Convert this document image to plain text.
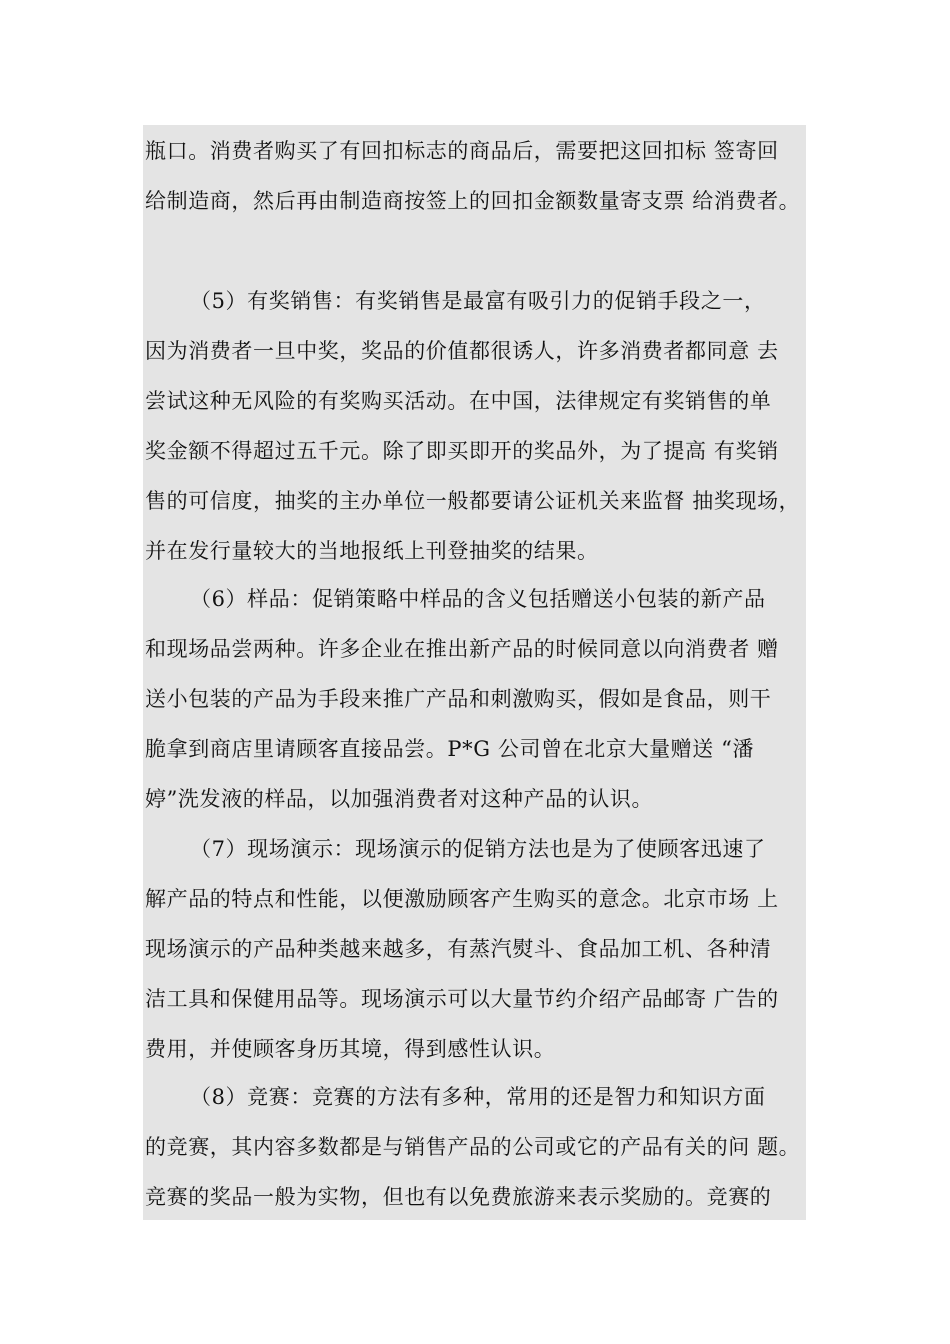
瓶口。消费者购买了有回扣标志的商品后，需要把这回扣标 签寄回
给制造商，然后再由制造商按签上的回扣金额数量寄支票 给消费者。
（5）有奖销售：有奖销售是最富有吸引力的促销手段之一，
因为消费者一旦中奖，奖品的价值都很诱人，许多消费者都同意 去
尝试这种无风险的有奖购买活动。在中国，法律规定有奖销售的单
奖金额不得超过五千元。除了即买即开的奖品外，为了提高 有奖销
售的可信度，抽奖的主办单位一般都要请公证机关来监督 抽奖现场，
并在发行量较大的当地报纸上刊登抽奖的结果。
（6）样品：促销策略中样品的含义包括赠送小包装的新产品
和现场品尝两种。许多企业在推出新产品的时候同意以向消费者 赠
送小包装的产品为手段来推广产品和刺激购买，假如是食品，则干
脆拿到商店里请顾客直接品尝。P*G 公司曾在北京大量赠送 “潘
婷”洗发液的样品，以加强消费者对这种产品的认识。
（7）现场演示：现场演示的促销方法也是为了使顾客迅速了
解产品的特点和性能，以便激励顾客产生购买的意念。北京市场 上
现场演示的产品种类越来越多，有蒸汽熨斗、食品加工机、各种清
洁工具和保健用品等。现场演示可以大量节约介绍产品邮寄 广告的
费用，并使顾客身历其境，得到感性认识。
（8）竞赛：竞赛的方法有多种，常用的还是智力和知识方面
的竞赛，其内容多数都是与销售产品的公司或它的产品有关的问 题。
竞赛的奖品一般为实物，但也有以免费旅游来表示奖励的。竞赛的
